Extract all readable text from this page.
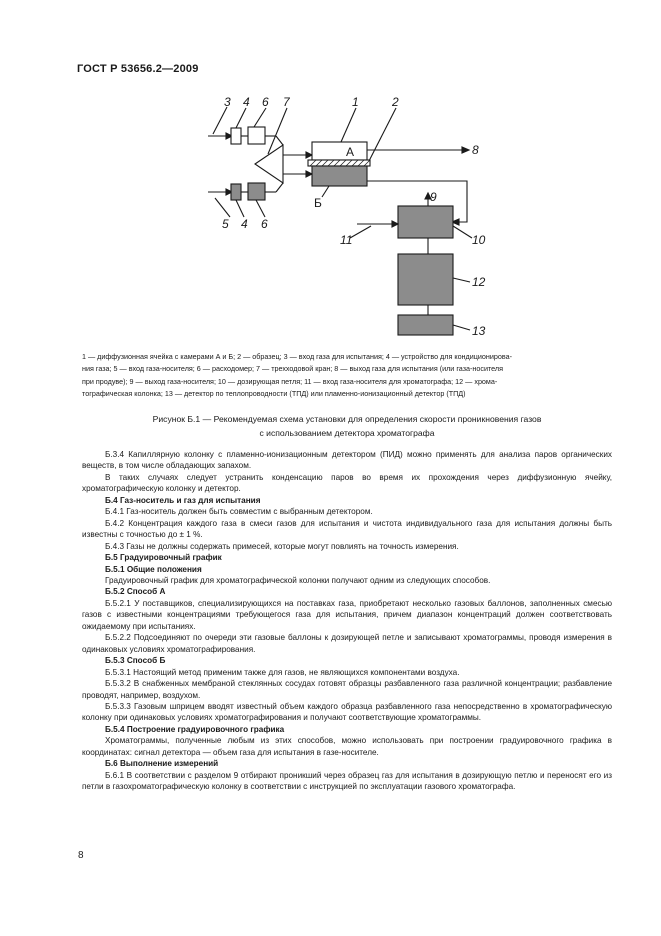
ГОСТ Р 53656.2—2009
3 4 6 7	1	2
8
9
10
11
12
13
5 4 6
А
Б

1 — диффузионная ячейка с камерами А и Б; 2 — образец; 3 — вход газа для испытания; 4 — устройство для кондиционирова-

ния газа; 5 — вход газа-носителя; 6 — расходомер; 7 — трехходовой кран; 8 — выход газа для испытания (или газа-носителя

при продуве); 9 — выход газа-носителя; 10 — дозирующая петля; 11 — вход газа-носителя для хроматографа; 12 — хрома-

тографическая колонка; 13 — детектор по теплопроводности (ТПД) или пламенно-ионизационный детектор (ТПД)

Рисунок Б.1 — Рекомендуемая схема установки для определения скорости проникновения газов

с использованием детектора хроматографа

Б.3.4 Капиллярную колонку с пламенно-ионизационным детектором (ПИД) можно применять для анализа паров органических веществ, в том числе обладающих запахом.

В таких случаях следует устранить конденсацию паров во время их прохождения через диффузионную ячейку, хроматографическую колонку и детектор.

Б.4 Газ-носитель и газ для испытания

Б.4.1 Газ-носитель должен быть совместим с выбранным детектором.

Б.4.2 Концентрация каждого газа в смеси газов для испытания и чистота индивидуального газа для испытания должны быть известны с точностью до ± 1 %.

Б.4.3 Газы не должны содержать примесей, которые могут повлиять на точность измерения.

Б.5 Градуировочный график

Б.5.1 Общие положения

Градуировочный график для хроматографической колонки получают одним из следующих способов.

Б.5.2 Способ А

Б.5.2.1 У поставщиков, специализирующихся на поставках газа, приобретают несколько газовых баллонов, заполненных смесью газов с известными концентрациями требующегося газа для испытания, причем диапазон концентраций должен соответствовать ожидаемому при испытаниях.

Б.5.2.2 Подсоединяют по очереди эти газовые баллоны к дозирующей петле и записывают хроматограммы, проводя измерения в одинаковых условиях хроматографирования.

Б.5.3 Способ Б

Б.5.3.1 Настоящий метод применим также для газов, не являющихся компонентами воздуха.

Б.5.3.2 В снабженных мембраной стеклянных сосудах готовят образцы разбавленного газа различной концентрации; разбавление проводят, например, воздухом.

Б.5.3.3 Газовым шприцем вводят известный объем каждого образца разбавленного газа непосредственно в хроматографическую колонку при одинаковых условиях хроматографирования и получают соответствующие хроматограммы.

Б.5.4 Построение градуировочного графика

Хроматограммы, полученные любым из этих способов, можно использовать при построении градуировочного графика в координатах: сигнал детектора — объем газа для испытания в газе-носителе.

Б.6 Выполнение измерений

Б.6.1 В соответствии с разделом 9 отбирают проникший через образец газ для испытания в дозирующую петлю и переносят его из петли в газохроматографическую колонку в соответствии с инструкцией по эксплуатации газового хроматографа.

8
